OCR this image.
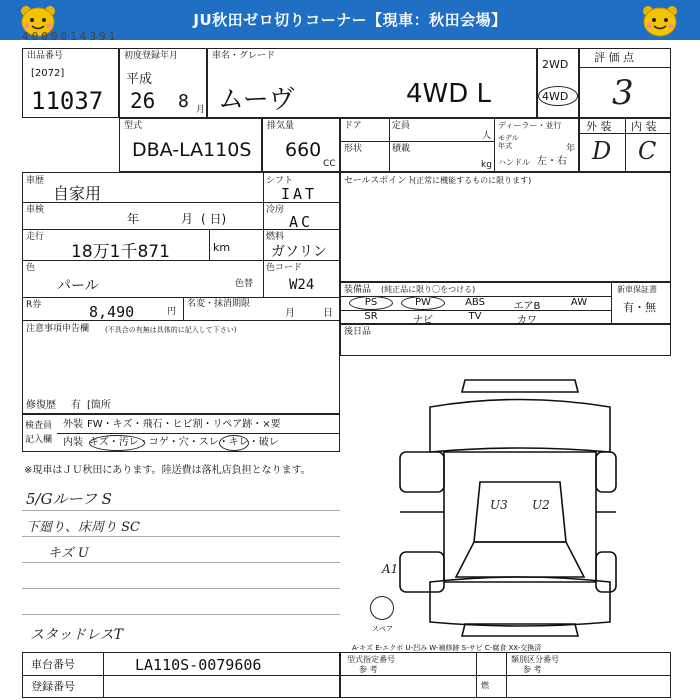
JU秋田ゼロ切りコーナー【現車：秋田会場】
4000014391
出品番号
[2072]
11037
初度登録年月
平成
26 8 月
車名・グレード
ムーヴ	4WD L
2WD
4WD
評 価 点
3
型式
DBA-LA110S
排気量
660
CC
ドア	定員
人
形状	積載
kg
ディーラー・並行
モデル年式	年
ハンドル 左・右
外 装 内 装
D C
車歴
自家用
シフト
IAT
車検
年	月 ( 日)
冷房
AC
走行
18万1千871	km
燃料
ガソリン
色
パール	色替
色コード
W24
R券	8,490	円
名変・抹消期限
月	日
注意事項申告欄 (不具合の有無は具体的に記入して下さい)
修復歴 有 [箇所
セールスポイント
(正常に機能するものに限ります)
装備品 (純正品に限り〇をつける)	新車保証書
有・無
PS	PW	ABS	エアB	AW
SR	ナビ	TV	カワ
後日品
検査員
記入欄
外装 FW・キズ・飛石・ヒビ割・リペア跡・×要
内装 キズ・汚レ・コゲ・穴・スレ・キレ・破レ
※現車はＪＵ秋田にあります。陸送費は落札店負担となります。
5/Gルーフ S
下廻り、床周り SC
キズ U
スタッドレスT	スペア
A1
U3 U2
A-キズ E-エクボ U-凹み W-補修跡 S-サビ C-腐食 XX-交換済
車台番号	LA110S-0079606
登録番号
型式指定番号
参 考
類別区分番号
参 考
燃
